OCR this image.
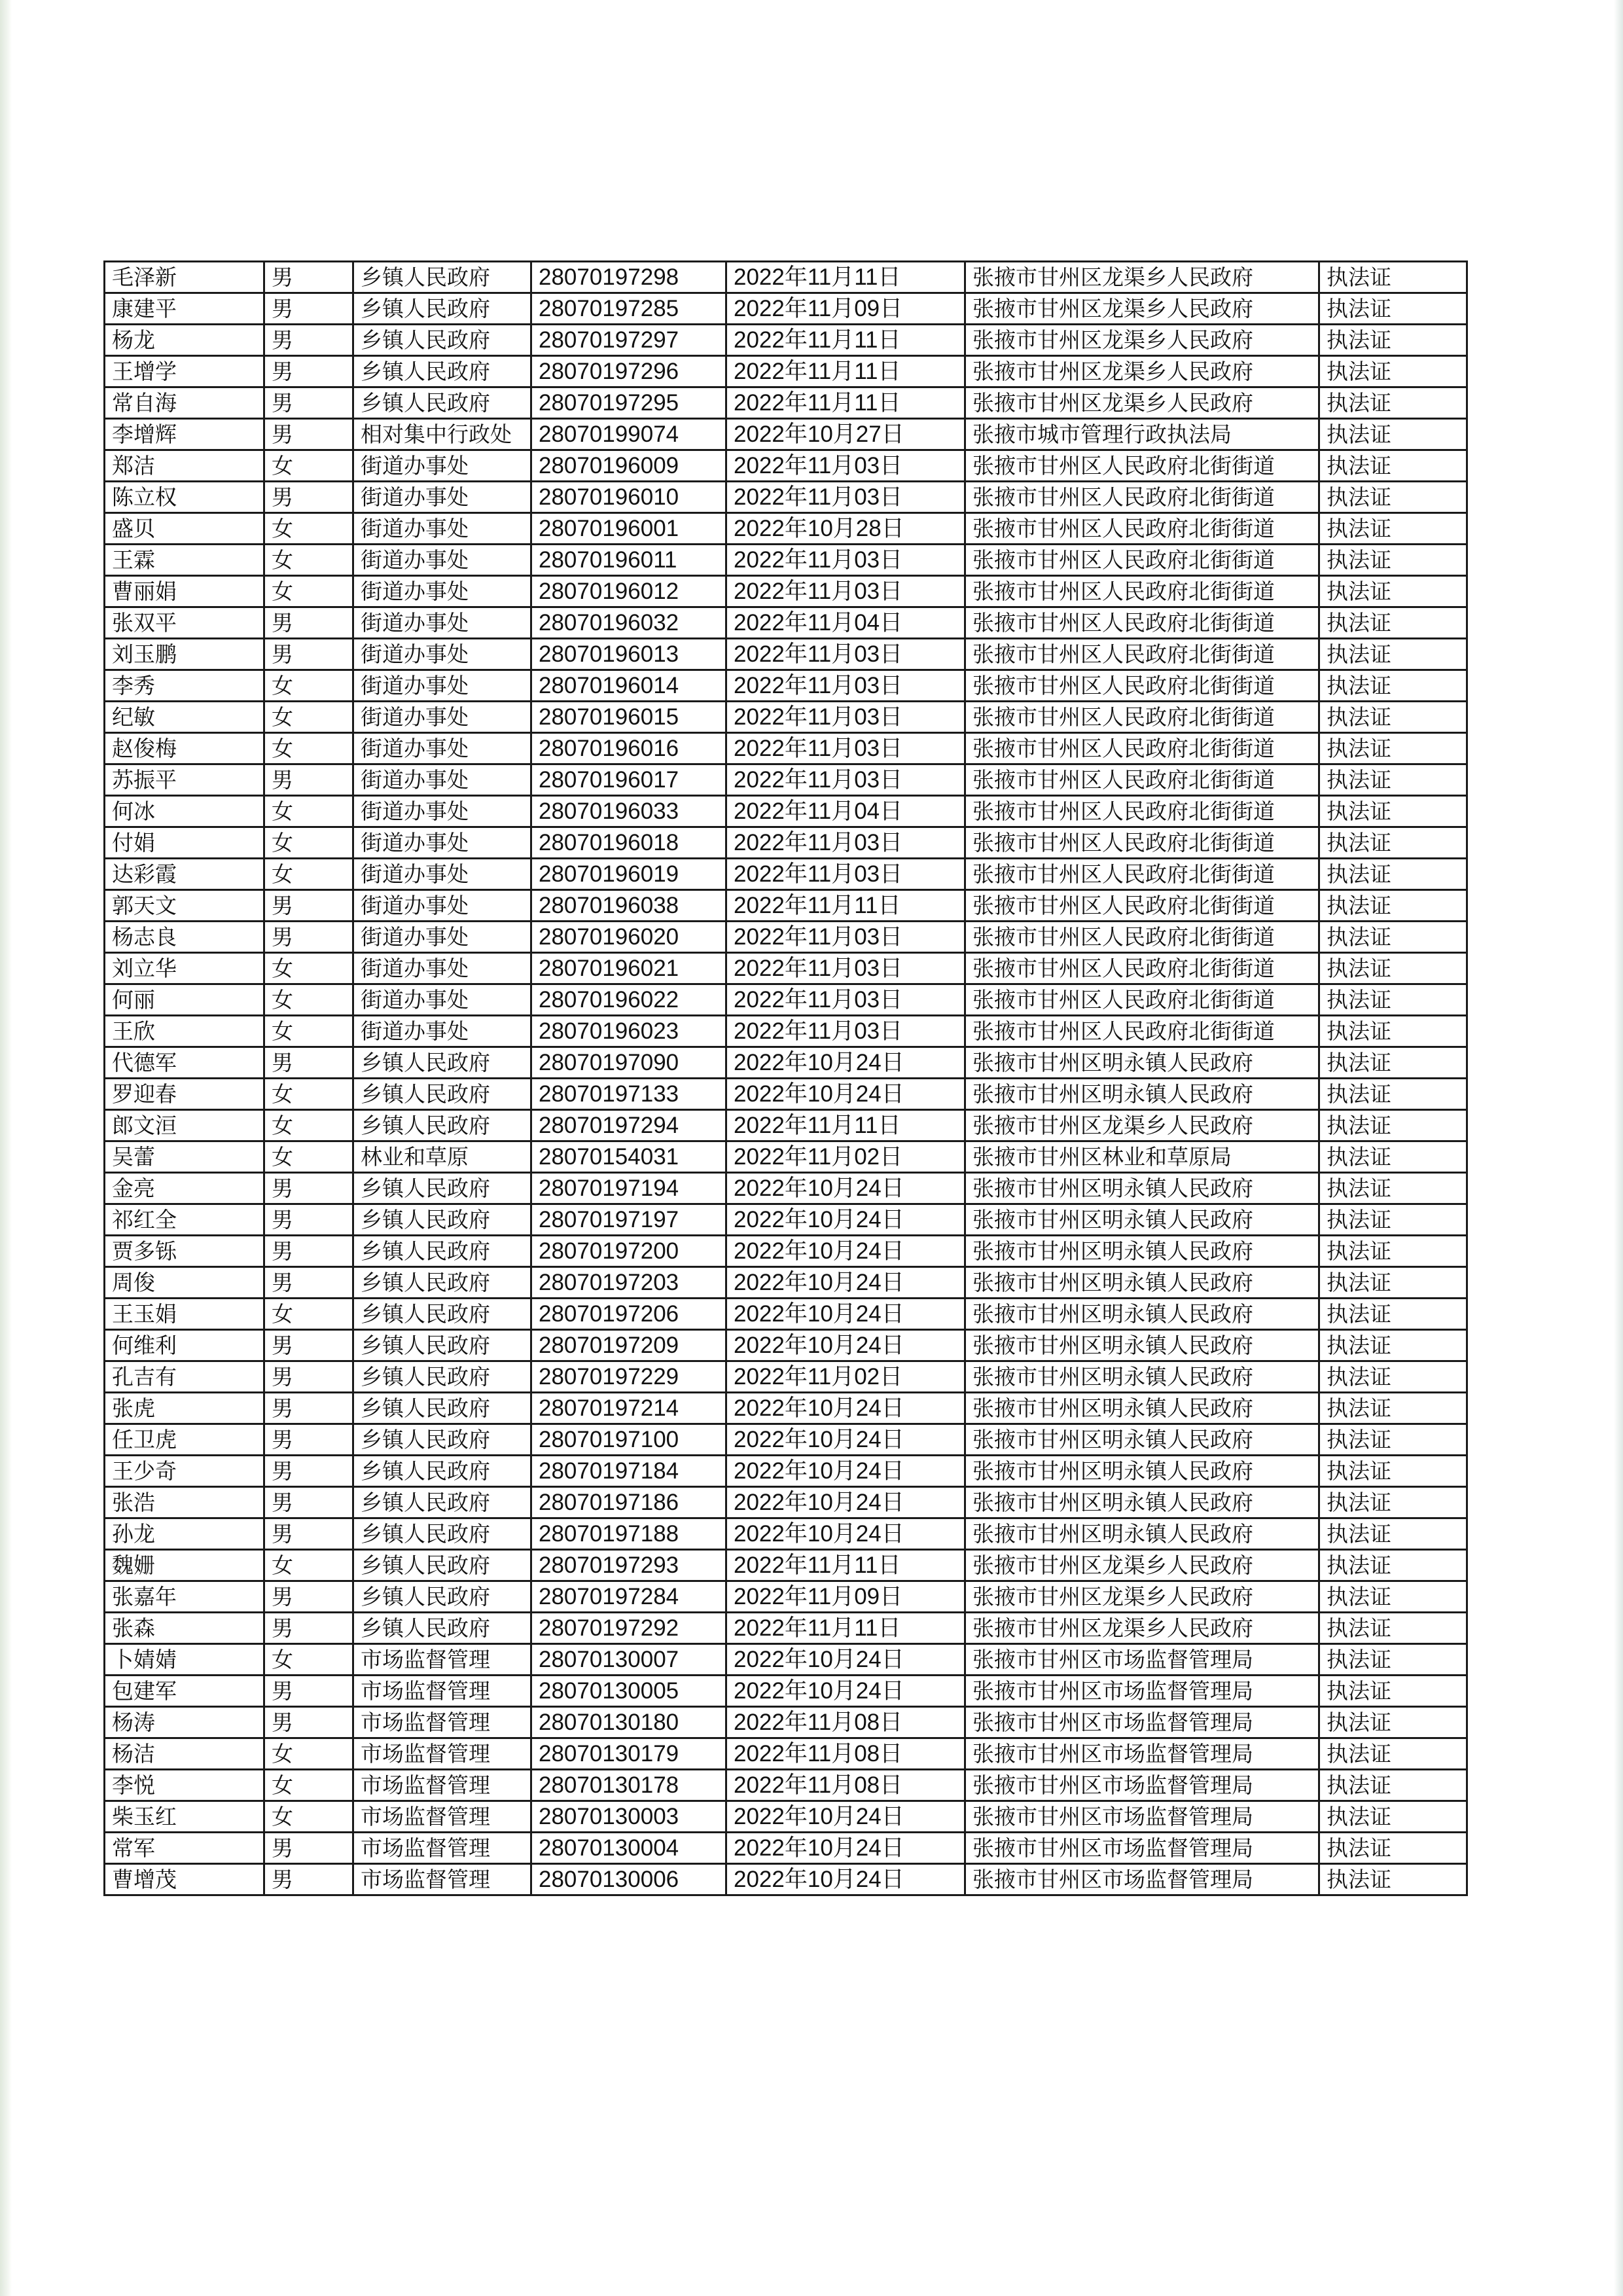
毛泽新	男	乡镇人民政府	28070197298	2022年11月11日	张掖市甘州区龙渠乡人民政府	执法证
康建平	男	乡镇人民政府	28070197285	2022年11月09日	张掖市甘州区龙渠乡人民政府	执法证
杨龙	男	乡镇人民政府	28070197297	2022年11月11日	张掖市甘州区龙渠乡人民政府	执法证
王增学	男	乡镇人民政府	28070197296	2022年11月11日	张掖市甘州区龙渠乡人民政府	执法证
常自海	男	乡镇人民政府	28070197295	2022年11月11日	张掖市甘州区龙渠乡人民政府	执法证
李增辉	男	相对集中行政处	28070199074	2022年10月27日	张掖市城市管理行政执法局	执法证
郑洁	女	街道办事处	28070196009	2022年11月03日	张掖市甘州区人民政府北街街道	执法证
陈立权	男	街道办事处	28070196010	2022年11月03日	张掖市甘州区人民政府北街街道	执法证
盛贝	女	街道办事处	28070196001	2022年10月28日	张掖市甘州区人民政府北街街道	执法证
王霖	女	街道办事处	28070196011	2022年11月03日	张掖市甘州区人民政府北街街道	执法证
曹丽娟	女	街道办事处	28070196012	2022年11月03日	张掖市甘州区人民政府北街街道	执法证
张双平	男	街道办事处	28070196032	2022年11月04日	张掖市甘州区人民政府北街街道	执法证
刘玉鹏	男	街道办事处	28070196013	2022年11月03日	张掖市甘州区人民政府北街街道	执法证
李秀	女	街道办事处	28070196014	2022年11月03日	张掖市甘州区人民政府北街街道	执法证
纪敏	女	街道办事处	28070196015	2022年11月03日	张掖市甘州区人民政府北街街道	执法证
赵俊梅	女	街道办事处	28070196016	2022年11月03日	张掖市甘州区人民政府北街街道	执法证
苏振平	男	街道办事处	28070196017	2022年11月03日	张掖市甘州区人民政府北街街道	执法证
何冰	女	街道办事处	28070196033	2022年11月04日	张掖市甘州区人民政府北街街道	执法证
付娟	女	街道办事处	28070196018	2022年11月03日	张掖市甘州区人民政府北街街道	执法证
达彩霞	女	街道办事处	28070196019	2022年11月03日	张掖市甘州区人民政府北街街道	执法证
郭天文	男	街道办事处	28070196038	2022年11月11日	张掖市甘州区人民政府北街街道	执法证
杨志良	男	街道办事处	28070196020	2022年11月03日	张掖市甘州区人民政府北街街道	执法证
刘立华	女	街道办事处	28070196021	2022年11月03日	张掖市甘州区人民政府北街街道	执法证
何丽	女	街道办事处	28070196022	2022年11月03日	张掖市甘州区人民政府北街街道	执法证
王欣	女	街道办事处	28070196023	2022年11月03日	张掖市甘州区人民政府北街街道	执法证
代德军	男	乡镇人民政府	28070197090	2022年10月24日	张掖市甘州区明永镇人民政府	执法证
罗迎春	女	乡镇人民政府	28070197133	2022年10月24日	张掖市甘州区明永镇人民政府	执法证
郎文洹	女	乡镇人民政府	28070197294	2022年11月11日	张掖市甘州区龙渠乡人民政府	执法证
吴蕾	女	林业和草原	28070154031	2022年11月02日	张掖市甘州区林业和草原局	执法证
金亮	男	乡镇人民政府	28070197194	2022年10月24日	张掖市甘州区明永镇人民政府	执法证
祁红全	男	乡镇人民政府	28070197197	2022年10月24日	张掖市甘州区明永镇人民政府	执法证
贾多铄	男	乡镇人民政府	28070197200	2022年10月24日	张掖市甘州区明永镇人民政府	执法证
周俊	男	乡镇人民政府	28070197203	2022年10月24日	张掖市甘州区明永镇人民政府	执法证
王玉娟	女	乡镇人民政府	28070197206	2022年10月24日	张掖市甘州区明永镇人民政府	执法证
何维利	男	乡镇人民政府	28070197209	2022年10月24日	张掖市甘州区明永镇人民政府	执法证
孔吉有	男	乡镇人民政府	28070197229	2022年11月02日	张掖市甘州区明永镇人民政府	执法证
张虎	男	乡镇人民政府	28070197214	2022年10月24日	张掖市甘州区明永镇人民政府	执法证
任卫虎	男	乡镇人民政府	28070197100	2022年10月24日	张掖市甘州区明永镇人民政府	执法证
王少奇	男	乡镇人民政府	28070197184	2022年10月24日	张掖市甘州区明永镇人民政府	执法证
张浩	男	乡镇人民政府	28070197186	2022年10月24日	张掖市甘州区明永镇人民政府	执法证
孙龙	男	乡镇人民政府	28070197188	2022年10月24日	张掖市甘州区明永镇人民政府	执法证
魏姗	女	乡镇人民政府	28070197293	2022年11月11日	张掖市甘州区龙渠乡人民政府	执法证
张嘉年	男	乡镇人民政府	28070197284	2022年11月09日	张掖市甘州区龙渠乡人民政府	执法证
张森	男	乡镇人民政府	28070197292	2022年11月11日	张掖市甘州区龙渠乡人民政府	执法证
卜婧婧	女	市场监督管理	28070130007	2022年10月24日	张掖市甘州区市场监督管理局	执法证
包建军	男	市场监督管理	28070130005	2022年10月24日	张掖市甘州区市场监督管理局	执法证
杨涛	男	市场监督管理	28070130180	2022年11月08日	张掖市甘州区市场监督管理局	执法证
杨洁	女	市场监督管理	28070130179	2022年11月08日	张掖市甘州区市场监督管理局	执法证
李悦	女	市场监督管理	28070130178	2022年11月08日	张掖市甘州区市场监督管理局	执法证
柴玉红	女	市场监督管理	28070130003	2022年10月24日	张掖市甘州区市场监督管理局	执法证
常军	男	市场监督管理	28070130004	2022年10月24日	张掖市甘州区市场监督管理局	执法证
曹增茂	男	市场监督管理	28070130006	2022年10月24日	张掖市甘州区市场监督管理局	执法证
